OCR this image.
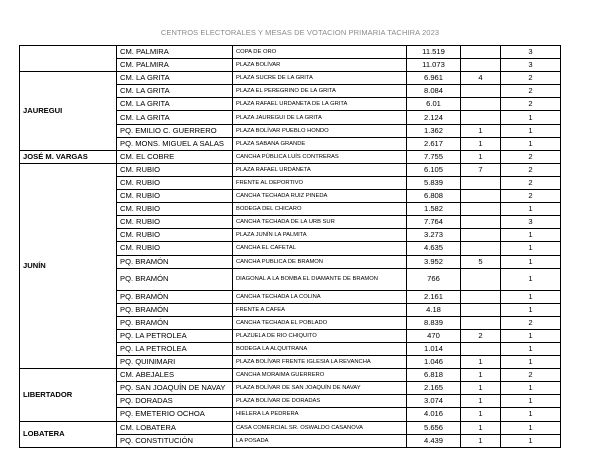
CENTROS ELECTORALES Y MESAS DE VOTACION PRIMARIA TACHIRA 2023
	CM. PALMIRA	COPA DE ORO	11.519		3
	CM. PALMIRA	PLAZA BOLÍVAR	11.073		3
JAUREGUI	CM. LA GRITA	PLAZA SUCRE DE LA GRITA	6.961	4	2
	CM. LA GRITA	PLAZA EL PEREGRINO DE LA GRITA	8.084		2
	CM. LA GRITA	PLAZA RAFAEL URDANETA DE LA GRITA	6.01		2
	CM. LA GRITA	PLAZA JAUREGUI DE LA GRITA	2.124		1
	PQ. EMILIO C. GUERRERO	PLAZA BOLÍVAR PUEBLO HONDO	1.362	1	1
	PQ. MONS. MIGUEL A SALAS	PLAZA SABANA GRANDE	2.617	1	1
JOSÉ M. VARGAS	CM. EL COBRE	CANCHA PÚBLICA LUÍS CONTRERAS	7.755	1	2
JUNÍN	CM. RUBIO	PLAZA RAFAEL URDANETA	6.105	7	2
	CM. RUBIO	FRENTE AL DEPORTIVO	5.839		2
	CM. RUBIO	CANCHA TECHADA RUIZ PINEDA	6.808		2
	CM. RUBIO	BODEGA DEL CHICARO	1.582		1
	CM. RUBIO	CANCHA TECHADA DE LA URB SUR	7.764		3
	CM. RUBIO	PLAZA JUNÍN LA PALMITA	3.273		1
	CM. RUBIO	CANCHA EL CAFETAL	4.635		1
	PQ. BRAMÓN	CANCHA PUBLICA DE BRAMON	3.952	5	1
	PQ. BRAMÓN	DIAGONAL A LA BOMBA EL DIAMANTE DE BRAMON	766		1
	PQ. BRAMÓN	CANCHA TECHADA LA COLINA	2.161		1
	PQ. BRAMÓN	FRENTE A CAFEA	4.18		1
	PQ. BRAMÓN	CANCHA TECHADA EL POBLADO	8.839		2
	PQ. LA PETROLEA	PLAZUELA DE RIO CHIQUITO	470	2	1
	PQ. LA PETROLEA	BODEGA LA ALQUITRANA	1.014		1
	PQ. QUINIMARI	PLAZA BOLÍVAR FRENTE IGLESIA LA REVANCHA	1.046	1	1
LIBERTADOR	CM. ABEJALES	CANCHA MORAIMA GUERRERO	6.818	1	2
	PQ. SAN JOAQUÍN DE NAVAY	PLAZA BOLÍVAR DE SAN JOAQUÍN DE NAVAY	2.165	1	1
	PQ. DORADAS	PLAZA BOLÍVAR DE DORADAS	3.074	1	1
	PQ. EMETERIO OCHOA	HIELERA LA PEDRERA	4.016	1	1
LOBATERA	CM. LOBATERA	CASA COMERCIAL SR. OSWALDO CASANOVA	5.656	1	1
	PQ. CONSTITUCIÓN	LA POSADA	4.439	1	1
